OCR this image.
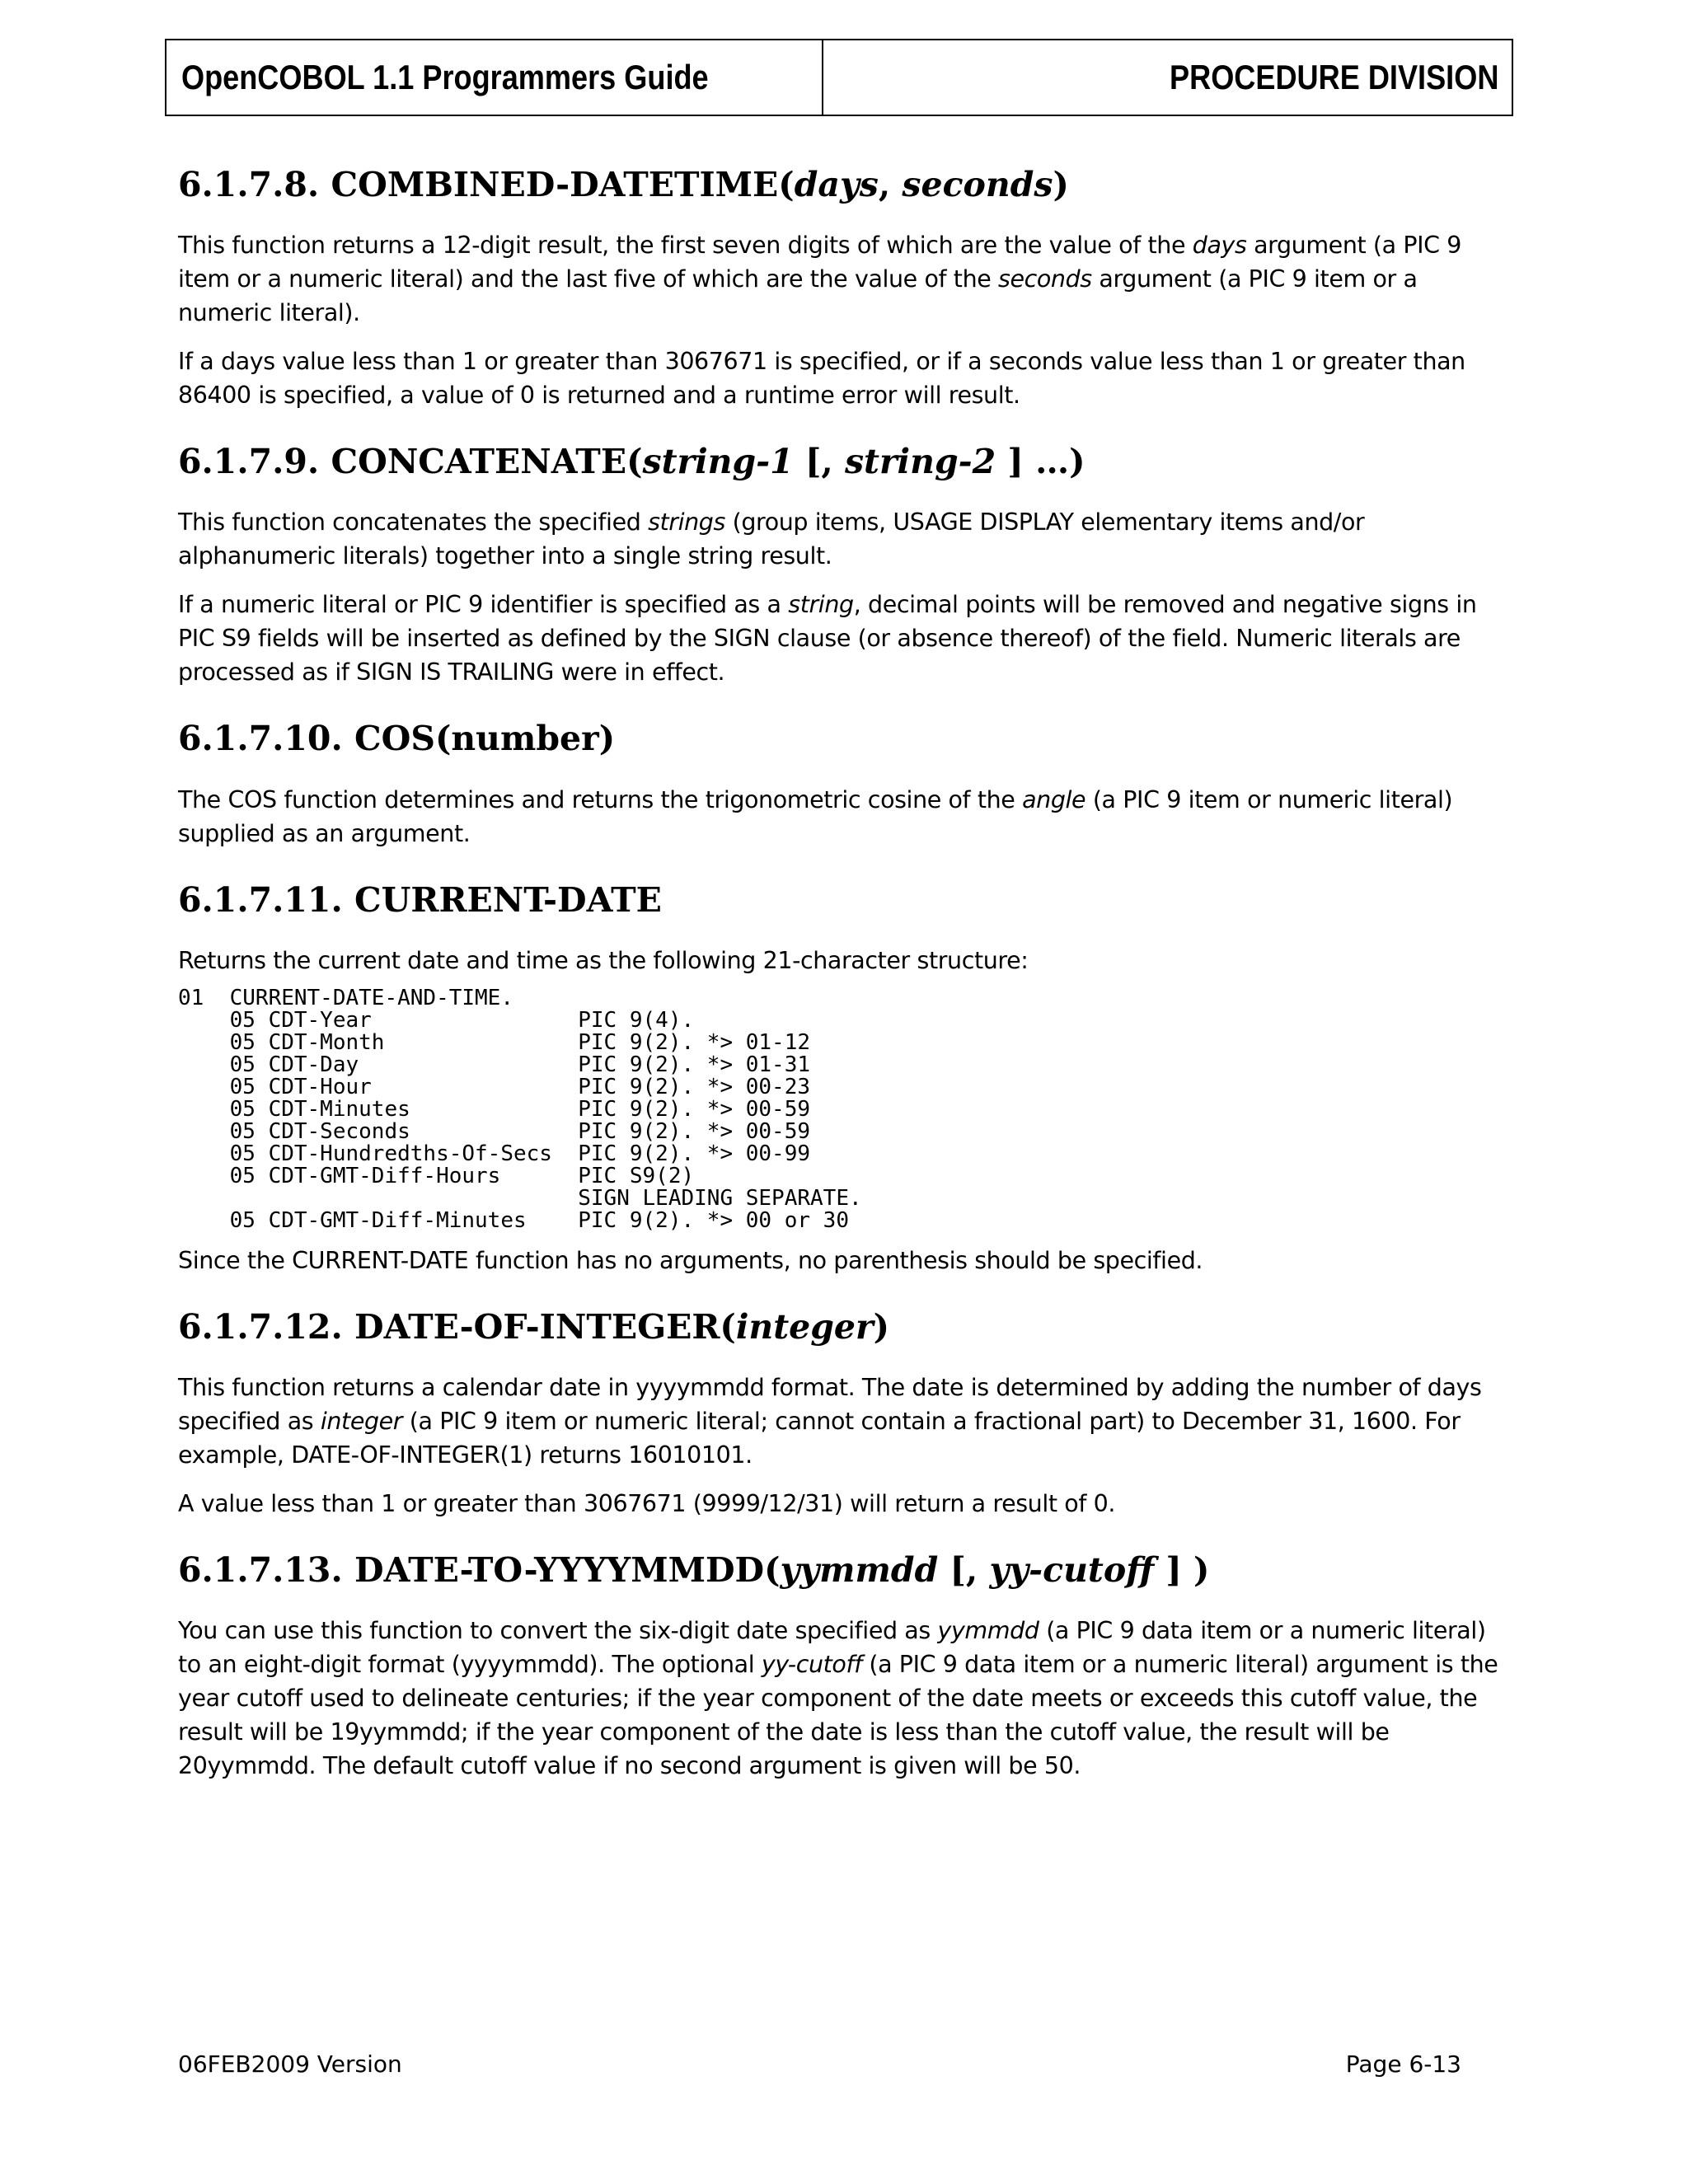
OpenCOBOL 1.1 Programmers Guide	PROCEDURE DIVISION
6.1.7.8. COMBINED-DATETIME(days, seconds)

This function returns a 12-digit result, the first seven digits of which are the value of the days argument (a PIC 9 item or a numeric literal) and the last five of which are the value of the seconds argument (a PIC 9 item or a numeric literal).

If a days value less than 1 or greater than 3067671 is specified, or if a seconds value less than 1 or greater than 86400 is specified, a value of 0 is returned and a runtime error will result.

6.1.7.9. CONCATENATE(string-1 [, string-2 ] …)

This function concatenates the specified strings (group items, USAGE DISPLAY elementary items and/or alphanumeric literals) together into a single string result.

If a numeric literal or PIC 9 identifier is specified as a string, decimal points will be removed and negative signs in PIC S9 fields will be inserted as defined by the SIGN clause (or absence thereof) of the field. Numeric literals are processed as if SIGN IS TRAILING were in effect.

6.1.7.10. COS(number)

The COS function determines and returns the trigonometric cosine of the angle (a PIC 9 item or numeric literal) supplied as an argument.

6.1.7.11. CURRENT-DATE

Returns the current date and time as the following 21-character structure:

01  CURRENT-DATE-AND-TIME.
05 CDT-Year                PIC 9(4).
05 CDT-Month               PIC 9(2). *> 01-12
05 CDT-Day                 PIC 9(2). *> 01-31
05 CDT-Hour                PIC 9(2). *> 00-23
05 CDT-Minutes             PIC 9(2). *> 00-59
05 CDT-Seconds             PIC 9(2). *> 00-59
05 CDT-Hundredths-Of-Secs  PIC 9(2). *> 00-99
05 CDT-GMT-Diff-Hours      PIC S9(2)
SIGN LEADING SEPARATE.
05 CDT-GMT-Diff-Minutes    PIC 9(2). *> 00 or 30

Since the CURRENT-DATE function has no arguments, no parenthesis should be specified.

6.1.7.12. DATE-OF-INTEGER(integer)

This function returns a calendar date in yyyymmdd format. The date is determined by adding the number of days specified as integer (a PIC 9 item or numeric literal; cannot contain a fractional part) to December 31, 1600. For example, DATE-OF-INTEGER(1) returns 16010101.

A value less than 1 or greater than 3067671 (9999/12/31) will return a result of 0.

6.1.7.13. DATE-TO-YYYYMMDD(yymmdd [, yy-cutoff ] )

You can use this function to convert the six-digit date specified as yymmdd (a PIC 9 data item or a numeric literal) to an eight-digit format (yyyymmdd). The optional yy-cutoff (a PIC 9 data item or a numeric literal) argument is the year cutoff used to delineate centuries; if the year component of the date meets or exceeds this cutoff value, the result will be 19yymmdd; if the year component of the date is less than the cutoff value, the result will be 20yymmdd. The default cutoff value if no second argument is given will be 50.

06FEB2009 Version	Page 6-13
